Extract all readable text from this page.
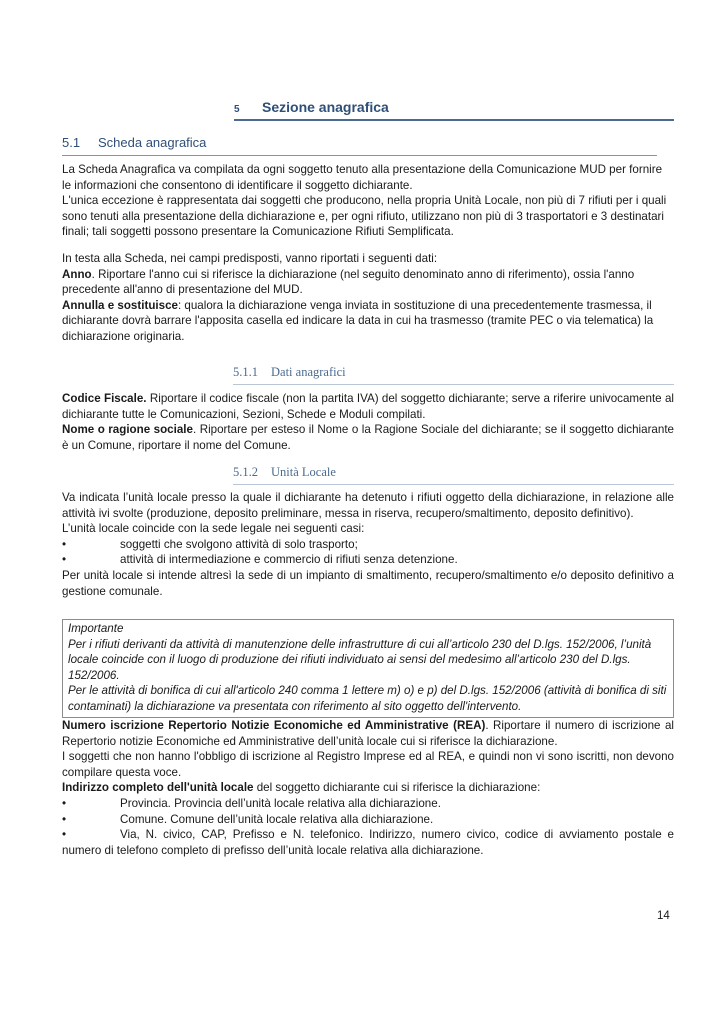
5 Sezione anagrafica
5.1 Scheda anagrafica

La Scheda Anagrafica va compilata da ogni soggetto tenuto alla presentazione della Comunicazione MUD per fornire le informazioni che consentono di identificare il soggetto dichiarante.

L'unica eccezione è rappresentata dai soggetti che producono, nella propria Unità Locale, non più di 7 rifiuti per i quali sono tenuti alla presentazione della dichiarazione e, per ogni rifiuto, utilizzano non più di 3 trasportatori e 3 destinatari finali; tali soggetti possono presentare la Comunicazione Rifiuti Semplificata.

In testa alla Scheda, nei campi predisposti, vanno riportati i seguenti dati:

Anno. Riportare l'anno cui si riferisce la dichiarazione (nel seguito denominato anno di riferimento), ossia l'anno precedente all'anno di presentazione del MUD.

Annulla e sostituisce: qualora la dichiarazione venga inviata in sostituzione di una precedentemente trasmessa, il dichiarante dovrà barrare l'apposita casella ed indicare la data in cui ha trasmesso (tramite PEC o via telematica) la dichiarazione originaria.

5.1.1 Dati anagrafici

Codice Fiscale. Riportare il codice fiscale (non la partita IVA) del soggetto dichiarante; serve a riferire univocamente al dichiarante tutte le Comunicazioni, Sezioni, Schede e Moduli compilati.

Nome o ragione sociale. Riportare per esteso il Nome o la Ragione Sociale del dichiarante; se il soggetto dichiarante è un Comune, riportare il nome del Comune.

5.1.2 Unità Locale

Va indicata l’unità locale presso la quale il dichiarante ha detenuto i rifiuti oggetto della dichiarazione, in relazione alle attività ivi svolte (produzione, deposito preliminare, messa in riserva, recupero/smaltimento, deposito definitivo).

L’unità locale coincide con la sede legale nei seguenti casi:

•	soggetti che svolgono attività di solo trasporto;
•	attività di intermediazione e commercio di rifiuti senza detenzione.

Per unità locale si intende altresì la sede di un impianto di smaltimento, recupero/smaltimento e/o deposito definitivo a gestione comunale.

Importante

Per i rifiuti derivanti da attività di manutenzione delle infrastrutture di cui all’articolo 230 del D.lgs. 152/2006, l’unità locale coincide con il luogo di produzione dei rifiuti individuato ai sensi del medesimo all’articolo 230 del D.lgs. 152/2006.

Per le attività di bonifica di cui all'articolo 240 comma 1 lettere m) o) e p) del D.lgs. 152/2006 (attività di bonifica di siti contaminati) la dichiarazione va presentata con riferimento al sito oggetto dell'intervento.

Numero iscrizione Repertorio Notizie Economiche ed Amministrative (REA). Riportare il numero di iscrizione al Repertorio notizie Economiche ed Amministrative dell’unità locale cui si riferisce la dichiarazione.

I soggetti che non hanno l'obbligo di iscrizione al Registro Imprese ed al REA, e quindi non vi sono iscritti, non devono compilare questa voce.

Indirizzo completo dell'unità locale del soggetto dichiarante cui si riferisce la dichiarazione:

•	Provincia. Provincia dell’unità locale relativa alla dichiarazione.
•	Comune. Comune dell’unità locale relativa alla dichiarazione.

•	Via, N. civico, CAP, Prefisso e N. telefonico. Indirizzo, numero civico, codice di avviamento postale e numero di telefono completo di prefisso dell’unità locale relativa alla dichiarazione.

14
